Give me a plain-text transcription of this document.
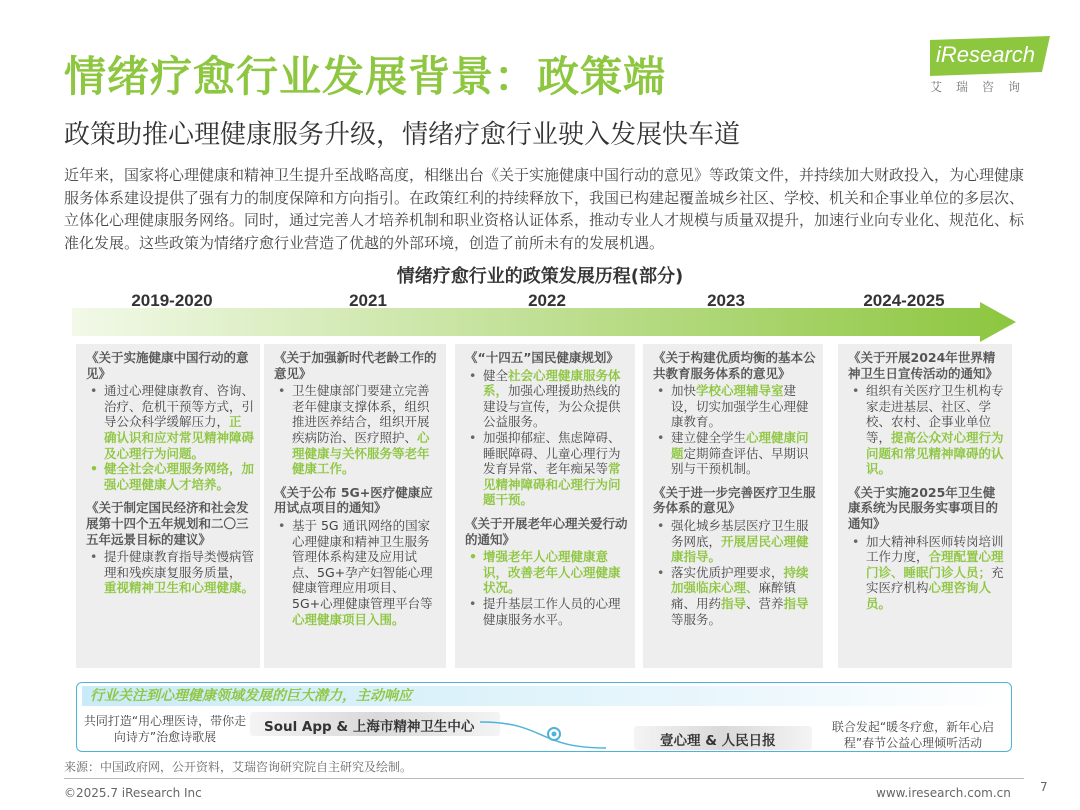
情绪疗愈行业发展背景：政策端
政策助推心理健康服务升级，情绪疗愈行业驶入发展快车道
iResearch
艾瑞咨询
近年来，国家将心理健康和精神卫生提升至战略高度，相继出台《关于实施健康中国行动的意见》等政策文件，并持续加大财政投入，为心理健康服务体系建设提供了强有力的制度保障和方向指引。在政策红利的持续释放下，我国已构建起覆盖城乡社区、学校、机关和企事业单位的多层次、立体化心理健康服务网络。同时，通过完善人才培养机制和职业资格认证体系，推动专业人才规模与质量双提升，加速行业向专业化、规范化、标准化发展。这些政策为情绪疗愈行业营造了优越的外部环境，创造了前所未有的发展机遇。
情绪疗愈行业的政策发展历程(部分)
2019-2020	2021	2022	2023	2024-2025
《关于实施健康中国行动的意见》
• 通过心理健康教育、咨询、治疗、危机干预等方式，引导公众科学缓解压力，正确认识和应对常见精神障碍及心理行为问题。
• 健全社会心理服务网络，加强心理健康人才培养。
《关于制定国民经济和社会发展第十四个五年规划和二〇三五年远景目标的建议》
• 提升健康教育指导类慢病管理和残疾康复服务质量，重视精神卫生和心理健康。
《关于加强新时代老龄工作的意见》
• 卫生健康部门要建立完善老年健康支撑体系，组织推进医养结合，组织开展疾病防治、医疗照护、心理健康与关怀服务等老年健康工作。
《关于公布 5G+医疗健康应用试点项目的通知》
• 基于 5G 通讯网络的国家心理健康和精神卫生服务管理体系构建及应用试点、5G+孕产妇智能心理健康管理应用项目、5G+心理健康管理平台等心理健康项目入围。
《“十四五”国民健康规划》
• 健全社会心理健康服务体系，加强心理援助热线的建设与宣传，为公众提供公益服务。
• 加强抑郁症、焦虑障碍、睡眠障碍、儿童心理行为发育异常、老年痴呆等常见精神障碍和心理行为问题干预。
《关于开展老年心理关爱行动的通知》
• 增强老年人心理健康意识，改善老年人心理健康状况。
• 提升基层工作人员的心理健康服务水平。
《关于构建优质均衡的基本公共教育服务体系的意见》
• 加快学校心理辅导室建设，切实加强学生心理健康教育。
• 建立健全学生心理健康问题定期筛查评估、早期识别与干预机制。
《关于进一步完善医疗卫生服务体系的意见》
• 强化城乡基层医疗卫生服务网底，开展居民心理健康指导。
• 落实优质护理要求，持续加强临床心理、麻醉镇痛、用药指导、营养指导等服务。
《关于开展2024年世界精神卫生日宣传活动的通知》
• 组织有关医疗卫生机构专家走进基层、社区、学校、农村、企事业单位等，提高公众对心理行为问题和常见精神障碍的认识。
《关于实施2025年卫生健康系统为民服务实事项目的通知》
• 加大精神科医师转岗培训工作力度，合理配置心理门诊、睡眠门诊人员；充实医疗机构心理咨询人员。
行业关注到心理健康领域发展的巨大潜力，主动响应
共同打造“用心理医诗，带你走向诗方”治愈诗歌展
Soul App & 上海市精神卫生中心
壹心理 & 人民日报
联合发起“暖冬疗愈，新年心启程”春节公益心理倾听活动
来源：中国政府网，公开资料，艾瑞咨询研究院自主研究及绘制。
©2025.7 iResearch Inc	www.iresearch.com.cn 7
